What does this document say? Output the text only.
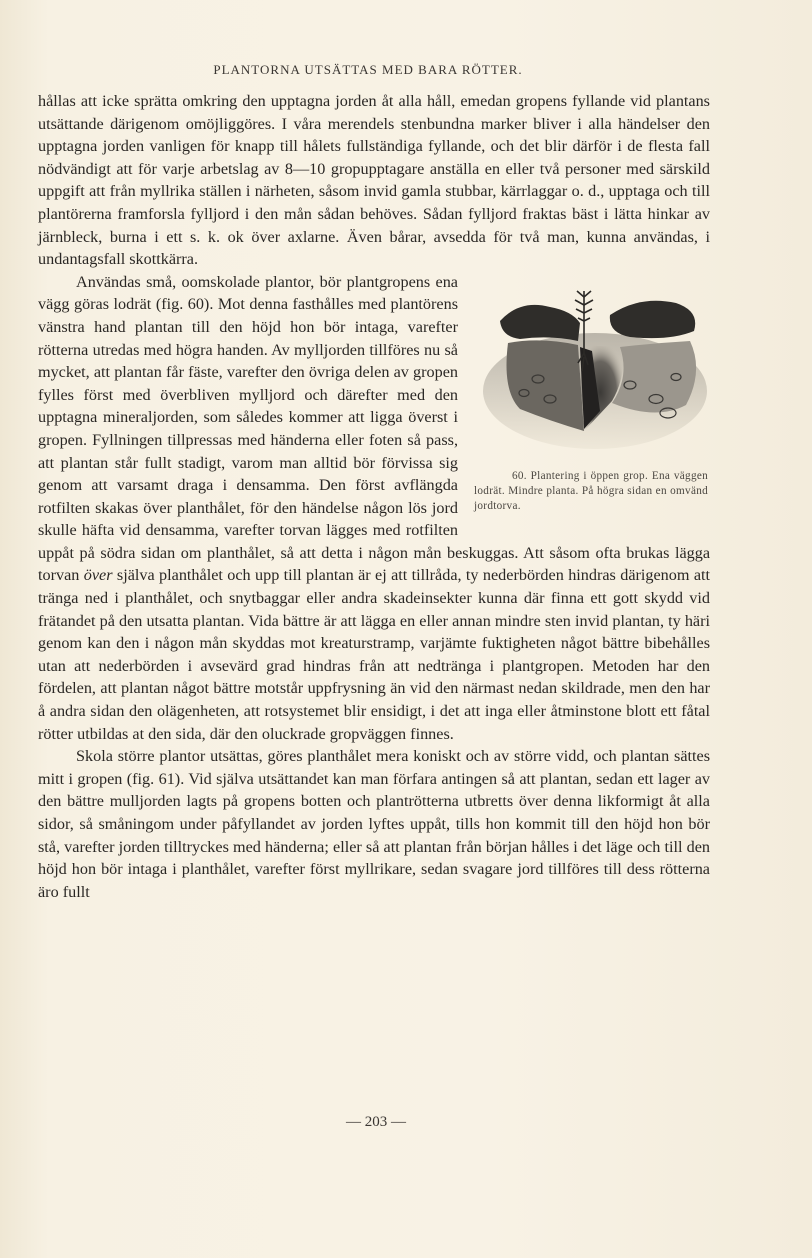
PLANTORNA UTSÄTTAS MED BARA RÖTTER.

hållas att icke sprätta omkring den upptagna jorden åt alla håll, emedan gropens fyllande vid plantans utsättande därigenom omöjliggöres. I våra merendels stenbundna marker bliver i alla händelser den upptagna jorden vanligen för knapp till hålets fullständiga fyllande, och det blir därför i de flesta fall nödvändigt att för varje arbetslag av 8—10 gropupptagare anställa en eller två personer med särskild uppgift att från myllrika ställen i närheten, såsom invid gamla stubbar, kärrlaggar o. d., upptaga och till plantörerna framforsla fylljord i den mån sådan behöves. Sådan fylljord fraktas bäst i lätta hinkar av järnbleck, burna i ett s. k. ok över axlarne. Även bårar, avsedda för två man, kunna användas, i undantagsfall skottkärra.

60. Plantering i öppen grop. Ena väggen lodrät. Mindre planta. På högra sidan en omvänd jordtorva.
Användas små, oomskolade plantor, bör plantgropens ena vägg göras lodrät (fig. 60). Mot denna fasthålles med plantörens vänstra hand plantan till den höjd hon bör intaga, varefter rötterna utredas med högra handen. Av mylljorden tillföres nu så mycket, att plantan får fäste, varefter den övriga delen av gropen fylles först med överbliven mylljord och därefter med den upptagna mineraljorden, som således kommer att ligga överst i gropen. Fyllningen tillpressas med händerna eller foten så pass, att plantan står fullt stadigt, varom man alltid bör förvissa sig genom att varsamt draga i densamma. Den först avflängda rotfilten skakas över planthålet, för den händelse någon lös jord skulle häfta vid densamma, varefter torvan lägges med rotfilten uppåt på södra sidan om planthålet, så att detta i någon mån beskuggas. Att såsom ofta brukas lägga torvan över själva planthålet och upp till plantan är ej att tillråda, ty nederbörden hindras därigenom att tränga ned i planthålet, och snytbaggar eller andra skadeinsekter kunna där finna ett gott skydd vid frätandet på den utsatta plantan. Vida bättre är att lägga en eller annan mindre sten invid plantan, ty häri genom kan den i någon mån skyddas mot kreaturstramp, varjämte fuktigheten något bättre bibehålles utan att nederbörden i avsevärd grad hindras från att nedtränga i plantgropen. Metoden har den fördelen, att plantan något bättre motstår uppfrysning än vid den närmast nedan skildrade, men den har å andra sidan den olägenheten, att rotsystemet blir ensidigt, i det att inga eller åtminstone blott ett fåtal rötter utbildas at den sida, där den oluckrade gropväggen finnes.

Skola större plantor utsättas, göres planthålet mera koniskt och av större vidd, och plantan sättes mitt i gropen (fig. 61). Vid själva utsättandet kan man förfara antingen så att plantan, sedan ett lager av den bättre mulljorden lagts på gropens botten och plantrötterna utbretts över denna likformigt åt alla sidor, så småningom under påfyllandet av jorden lyftes uppåt, tills hon kommit till den höjd hon bör stå, varefter jorden tilltryckes med händerna; eller så att plantan från början hålles i det läge och till den höjd hon bör intaga i planthålet, varefter först myllrikare, sedan svagare jord tillföres till dess rötterna äro fullt

— 203 —
